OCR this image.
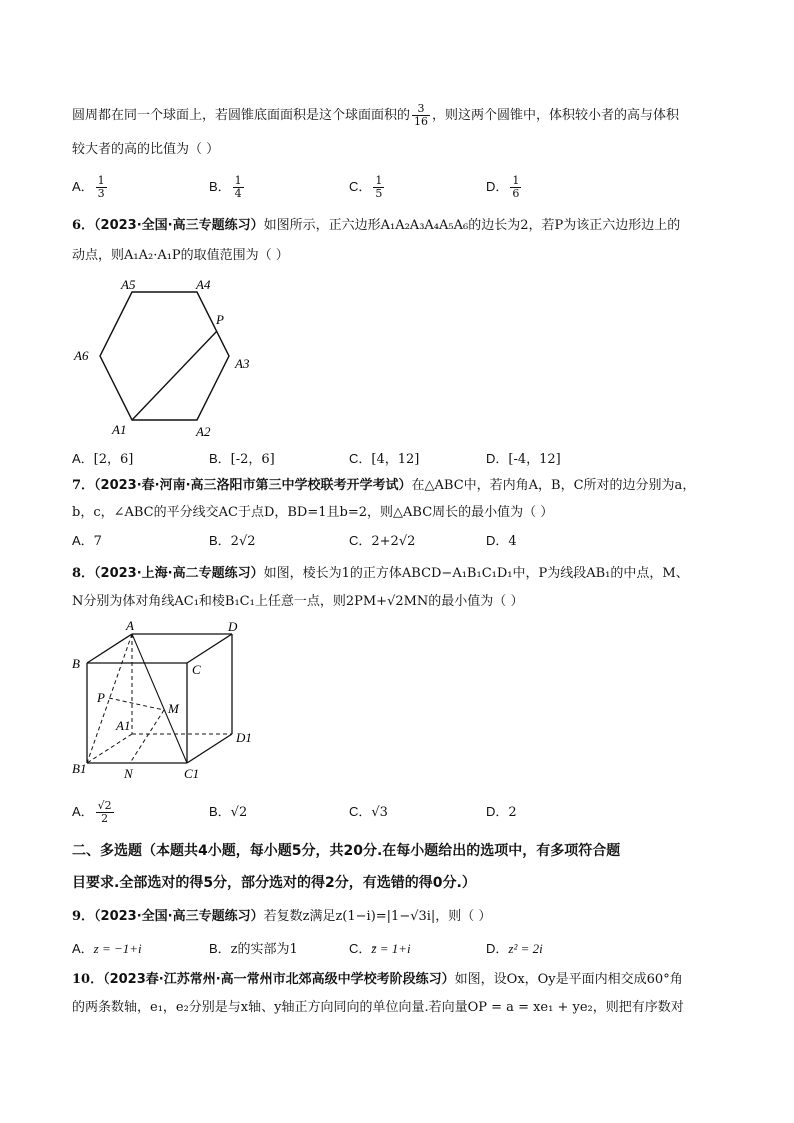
圆周都在同一个球面上，若圆锥底面面积是这个球面面积的 $\frac{3}{16}$ ，则这两个圆锥中，体积较小者的高与体积
较大者的高的比值为（ ）
A． $\frac{1}{3}$	B． $\frac{1}{4}$	C． $\frac{1}{5}$	D． $\frac{1}{6}$
6．（2023·全国·高三专题练习）如图所示，正六边形A₁A₂A₃A₄A₅A₆的边长为2，若P为该正六边形边上的
动点，则A₁A₂·A₁P的取值范围为（ ）
A5	A4
P
A6
A3
A1	A2
A．[2，6]	B．[-2，6]	C．[4，12]	D．[-4，12]
7．（2023·春·河南·高三洛阳市第三中学校联考开学考试）在△ABC中，若内角A，B，C所对的边分别为a，
b，c，∠ABC的平分线交AC于点D，BD=1且b=2，则△ABC周长的最小值为（ ）
A．7	B．2√2	C．2+2√2	D．4
8．（2023·上海·高二专题练习）如图，棱长为1的正方体ABCD−A₁B₁C₁D₁中，P为线段AB₁的中点，M、
N分别为体对角线AC₁和棱B₁C₁上任意一点，则2PM+√2MN的最小值为（ ）
A	D
B	C
P
M
A1
D1
B1	N	C1
A． $\frac{√2}{2}$	B．√2	C．√3	D．2
二、多选题（本题共4小题，每小题5分，共20分.在每小题给出的选项中，有多项符合题
目要求.全部选对的得5分，部分选对的得2分，有选错的得0分.）
9．（2023·全国·高三专题练习）若复数z满足z(1−i)=|1−√3i|，则（ ）
A．z = −1+i	B．z的实部为1	C．z̄ = 1+i	D．z² = 2i
10．（2023春·江苏常州·高一常州市北郊高级中学校考阶段练习）如图，设Ox，Oy是平面内相交成60°角
的两条数轴，e₁，e₂分别是与x轴、y轴正方向同向的单位向量.若向量OP = a = xe₁ + ye₂，则把有序数对
